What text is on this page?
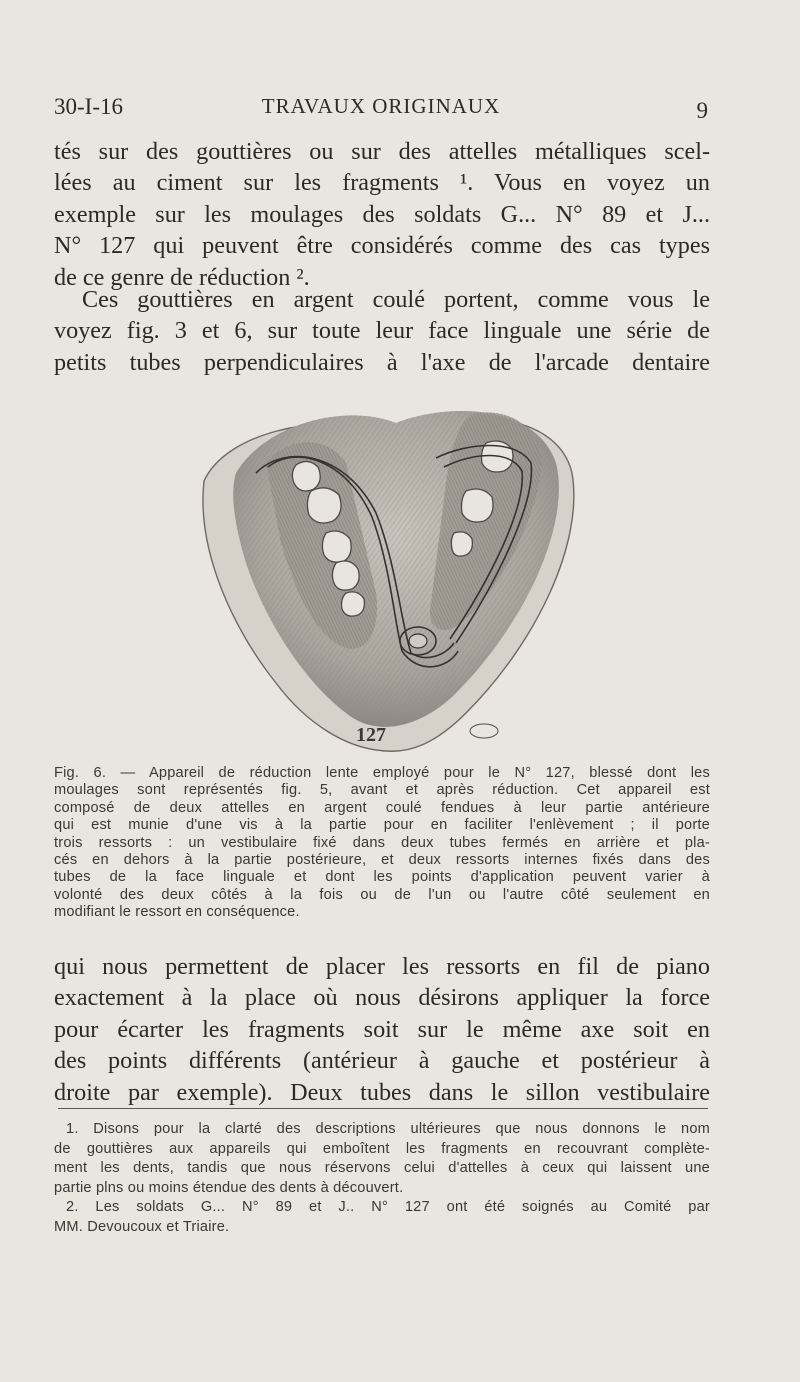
30-I-16	TRAVAUX ORIGINAUX	9
tés sur des gouttières ou sur des attelles métalliques scel-
lées au ciment sur les fragments ¹. Vous en voyez un
exemple sur les moulages des soldats G... N° 89 et J...
N° 127 qui peuvent être considérés comme des cas types
de ce genre de réduction ².
Ces gouttières en argent coulé portent, comme vous le
voyez fig. 3 et 6, sur toute leur face linguale une série de
petits tubes perpendiculaires à l'axe de l'arcade dentaire
127
Fig. 6. — Appareil de réduction lente employé pour le N° 127, blessé dont les
moulages sont représentés fig. 5, avant et après réduction. Cet appareil est
composé de deux attelles en argent coulé fendues à leur partie antérieure
qui est munie d'une vis à la partie pour en faciliter l'enlèvement ; il porte
trois ressorts : un vestibulaire fixé dans deux tubes fermés en arrière et pla-
cés en dehors à la partie postérieure, et deux ressorts internes fixés dans des
tubes de la face linguale et dont les points d'application peuvent varier à
volonté des deux côtés à la fois ou de l'un ou l'autre côté seulement en
modifiant le ressort en conséquence.
qui nous permettent de placer les ressorts en fil de piano
exactement à la place où nous désirons appliquer la force
pour écarter les fragments soit sur le même axe soit en
des points différents (antérieur à gauche et postérieur à
droite par exemple). Deux tubes dans le sillon vestibulaire
1. Disons pour la clarté des descriptions ultérieures que nous donnons le nom
de gouttières aux appareils qui emboîtent les fragments en recouvrant complète-
ment les dents, tandis que nous réservons celui d'attelles à ceux qui laissent une
partie plns ou moins étendue des dents à découvert.
2. Les soldats G... N° 89 et J.. N° 127 ont été soignés au Comité par
MM. Devoucoux et Triaire.
